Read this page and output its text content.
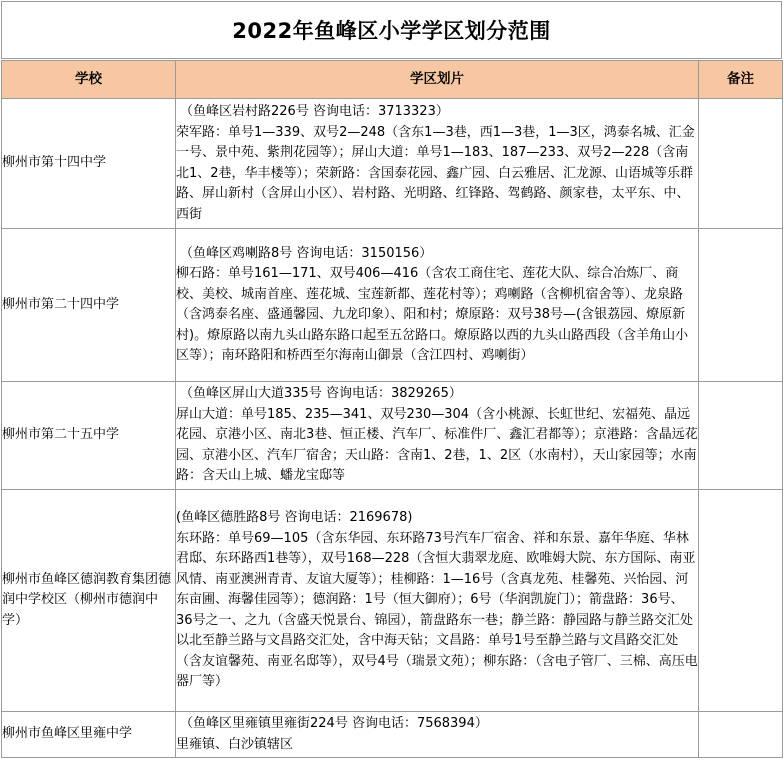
2022年鱼峰区小学学区划分范围
学校	学区划片	备注
柳州市第十四中学	（鱼峰区岩村路226号 咨询电话：3713323）
荣军路：单号1—339、双号2—248（含东1—3巷，西1—3巷，1—3区，鸿泰名城、汇金一号、景中苑、紫荆花园等）；屏山大道：单号1—183、187—233、双号2—228（含南北1、2巷，华丰楼等）；荣新路：含国泰花园、鑫广园、白云雅居、汇龙源、山语城等乐群路、屏山新村（含屏山小区）、岩村路、光明路、红锋路、驾鹤路、颜家巷，太平东、中、西街	

柳州市第二十四中学	（鱼峰区鸡喇路8号 咨询电话：3150156）
柳石路：单号161—171、双号406—416（含农工商住宅、莲花大队、综合冶炼厂、商校、美校、城南首座、莲花城、宝莲新都、莲花村等）；鸡喇路（含柳机宿舍等）、龙泉路（含鸿泰名座、盛通馨园、九龙印象）、阳和村；燎原路：双号38号—(含银荔园、燎原新村)。燎原路以南九头山路东路口起至五岔路口。燎原路以西的九头山路西段（含羊角山小区等）；南环路阳和桥西至尔海南山御景（含江四村、鸡喇街）	

柳州市第二十五中学	（鱼峰区屏山大道335号 咨询电话：3829265）
屏山大道：单号185、235—341、双号230—304（含小桃源、长虹世纪、宏福苑、晶远花园、京港小区、南北3巷、恒正楼、汽车厂、标准件厂、鑫汇君都等）；京港路：含晶远花园、京港小区、汽车厂宿舍；天山路：含南1、2巷，1、2区（水南村），天山家园等；水南路：含天山上城、蟠龙宝邸等	

柳州市鱼峰区德润教育集团德润中学校区（柳州市德润中学）	(鱼峰区德胜路8号 咨询电话：2169678)
东环路：单号69—105（含东华园、东环路73号汽车厂宿舍、祥和东景、嘉年华庭、华林君邸、东环路西1巷等），双号168—228（含恒大翡翠龙庭、欧唯姆大院、东方国际、南亚风情、南亚澳洲青青、友谊大厦等）；桂柳路：1—16号（含真龙苑、桂馨苑、兴怡园、河东亩圃、海馨佳园等）；德润路：1号（恒大御府）；6号（华润凯旋门）；箭盘路：36号、36号之一、之九（含盛天悦景台、锦园），箭盘路东一巷；静兰路：静园路与静兰路交汇处以北至静兰路与文昌路交汇处，含中海天钻；文昌路：单号1号至静兰路与文昌路交汇处（含友谊馨苑、南亚名邸等），双号4号（瑞景文苑）；柳东路：（含电子管厂、三棉、高压电器厂等）	

柳州市鱼峰区里雍中学	（鱼峰区里雍镇里雍街224号 咨询电话：7568394）
里雍镇、白沙镇辖区	
